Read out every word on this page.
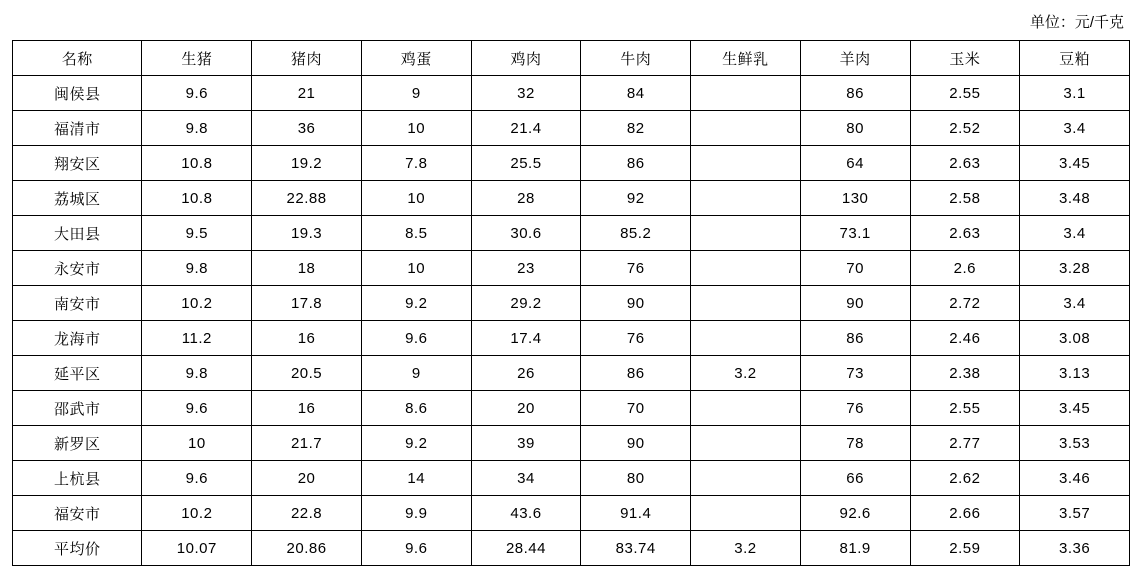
单位：元/千克
名称	生猪	猪肉	鸡蛋	鸡肉	牛肉	生鲜乳	羊肉	玉米	豆粕
闽侯县	9.6	21	9	32	84		86	2.55	3.1
福清市	9.8	36	10	21.4	82		80	2.52	3.4
翔安区	10.8	19.2	7.8	25.5	86		64	2.63	3.45
荔城区	10.8	22.88	10	28	92		130	2.58	3.48
大田县	9.5	19.3	8.5	30.6	85.2		73.1	2.63	3.4
永安市	9.8	18	10	23	76		70	2.6	3.28
南安市	10.2	17.8	9.2	29.2	90		90	2.72	3.4
龙海市	11.2	16	9.6	17.4	76		86	2.46	3.08
延平区	9.8	20.5	9	26	86	3.2	73	2.38	3.13
邵武市	9.6	16	8.6	20	70		76	2.55	3.45
新罗区	10	21.7	9.2	39	90		78	2.77	3.53
上杭县	9.6	20	14	34	80		66	2.62	3.46
福安市	10.2	22.8	9.9	43.6	91.4		92.6	2.66	3.57
平均价	10.07	20.86	9.6	28.44	83.74	3.2	81.9	2.59	3.36
